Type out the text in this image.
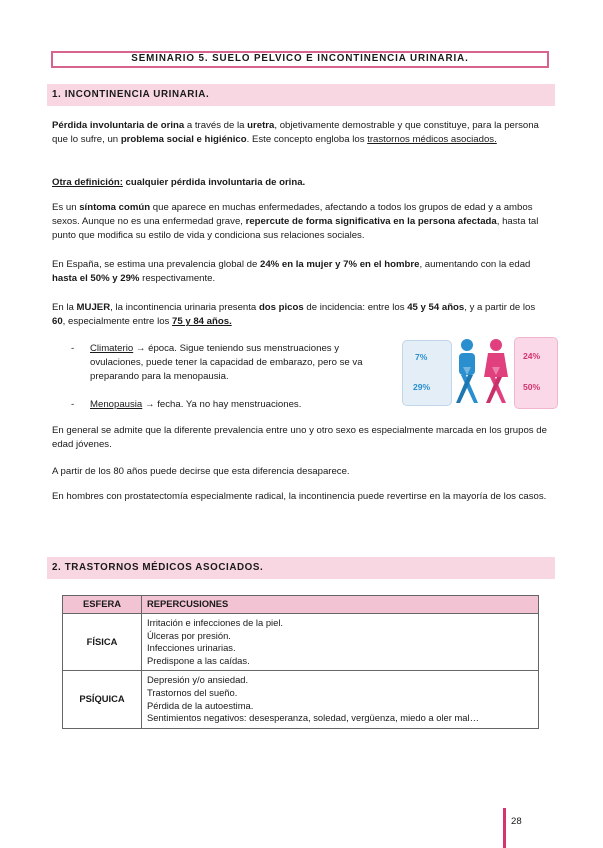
SEMINARIO 5. SUELO PELVICO E INCONTINENCIA URINARIA.
1. INCONTINENCIA URINARIA.

Pérdida involuntaria de orina a través de la uretra, objetivamente demostrable y que constituye, para la persona que lo sufre, un problema social e higiénico. Este concepto engloba los trastornos médicos asociados.

Otra definición: cualquier pérdida involuntaria de orina.

Es un síntoma común que aparece en muchas enfermedades, afectando a todos los grupos de edad y a ambos sexos. Aunque no es una enfermedad grave, repercute de forma significativa en la persona afectada, hasta tal punto que modifica su estilo de vida y condiciona sus relaciones sociales.

En España, se estima una prevalencia global de 24% en la mujer y 7% en el hombre, aumentando con la edad hasta el 50% y 29% respectivamente.

En la MUJER, la incontinencia urinaria presenta dos picos de incidencia: entre los 45 y 54 años, y a partir de los 60, especialmente entre los 75 y 84 años.

- Climaterio → época. Sigue teniendo sus menstruaciones y ovulaciones, puede tener la capacidad de embarazo, pero se va preparando para la menopausia.

- Menopausia → fecha. Ya no hay menstruaciones.

7%
29%
24%
50%

En general se admite que la diferente prevalencia entre uno y otro sexo es especialmente marcada en los grupos de edad jóvenes.

A partir de los 80 años puede decirse que esta diferencia desaparece.

En hombres con prostatectomía especialmente radical, la incontinencia puede revertirse en la mayoría de los casos.

2. TRASTORNOS MÉDICOS ASOCIADOS.
ESFERA	REPERCUSIONES
FÍSICA	Irritación e infecciones de la piel.
Úlceras por presión.
Infecciones urinarias.
Predispone a las caídas.

PSÍQUICA	Depresión y/o ansiedad.
Trastornos del sueño.
Pérdida de la autoestima.
Sentimientos negativos: desesperanza, soledad, vergüenza, miedo a oler mal…
28
